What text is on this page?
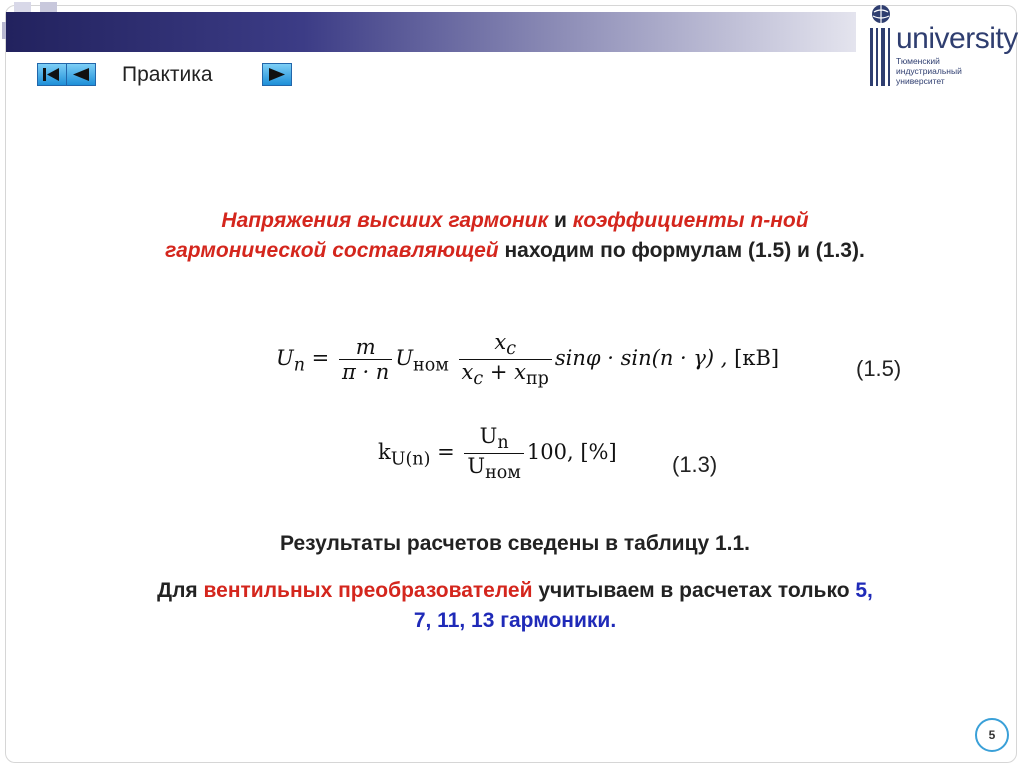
Практика
university
Тюменский
индустриальный
университет
Напряжения высших гармоник и коэффициенты n-ной гармонической составляющей находим по формулам (1.5) и (1.3).
$U_n = \frac{m}{\pi \cdot n} U_{ном} \frac{x_c}{x_c + x_{пр}}$ sinφ · sin(n · γ) , [кВ]	(1.5)
$k_{U(n)} = \frac{U_n}{U_{ном}} 100$, [%]	(1.3)
Результаты расчетов сведены в таблицу 1.1.
Для вентильных преобразователей учитываем в расчетах только 5, 7, 11, 13 гармоники.
5
